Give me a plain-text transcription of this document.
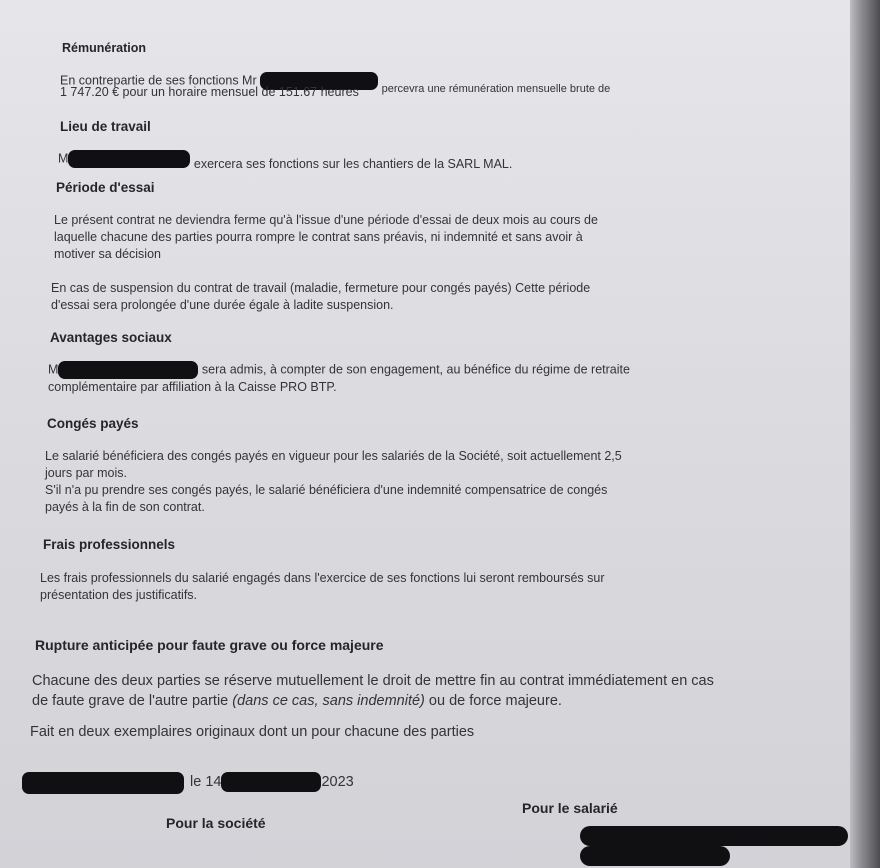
Rémunération
En contrepartie de ses fonctions Mr  percevra une rémunération mensuelle brute de
1 747.20 € pour un horaire mensuel de 151.67 heures
Lieu de travail
M	exercera ses fonctions sur les chantiers de la SARL MAL.
Période d'essai
Le présent contrat ne deviendra ferme qu'à l'issue d'une période d'essai de deux mois au cours de
laquelle chacune des parties pourra rompre le contrat sans préavis, ni indemnité et sans avoir à
motiver sa décision
En cas de suspension du contrat de travail (maladie, fermeture pour congés payés) Cette période
d'essai sera prolongée d'une durée égale à ladite suspension.
Avantages sociaux
M	sera admis, à compter de son engagement, au bénéfice du régime de retraite
complémentaire par affiliation à la Caisse PRO BTP.
Congés payés
Le salarié bénéficiera des congés payés en vigueur pour les salariés de la Société, soit actuellement 2,5
jours par mois.
S'il n'a pu prendre ses congés payés, le salarié bénéficiera d'une indemnité compensatrice de congés
payés à la fin de son contrat.
Frais professionnels
Les frais professionnels du salarié engagés dans l'exercice de ses fonctions lui seront remboursés sur
présentation des justificatifs.
Rupture anticipée pour faute grave ou force majeure
Chacune des deux parties se réserve mutuellement le droit de mettre fin au contrat immédiatement en cas
de faute grave de l'autre partie (dans ce cas, sans indemnité) ou de force majeure.
Fait en deux exemplaires originaux dont un pour chacune des parties
le 14	2023
Pour la société
Pour le salarié
